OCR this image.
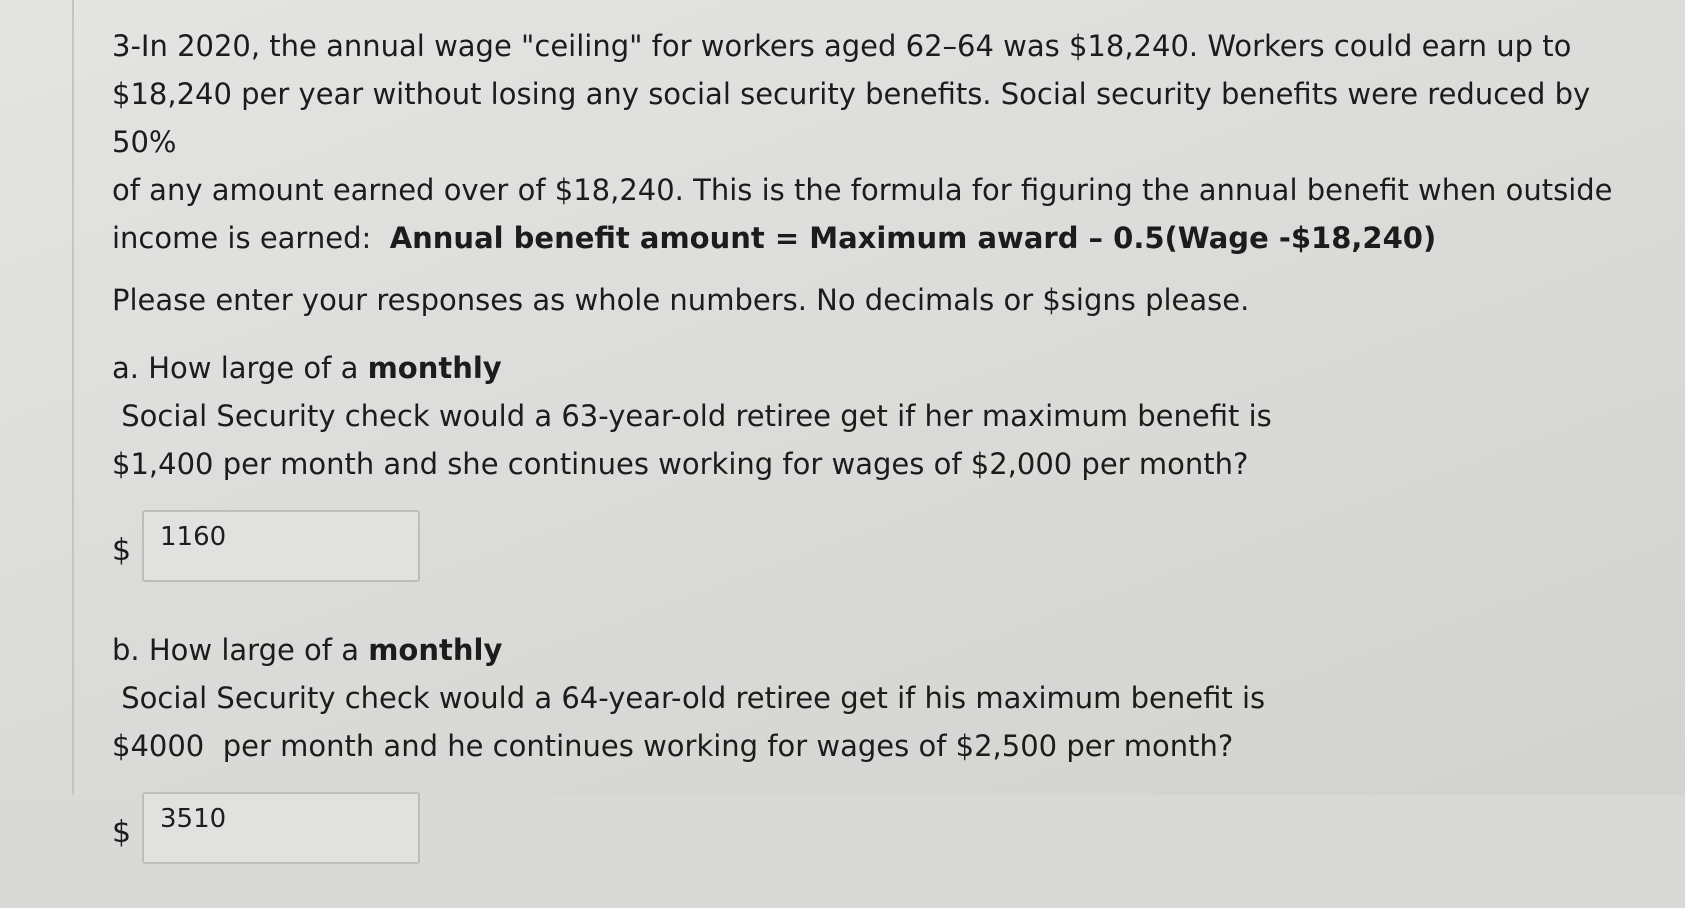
3-In 2020, the annual wage "ceiling" for workers aged 62–64 was $18,240. Workers could earn up to
$18,240 per year without losing any social security benefits. Social security benefits were reduced by 50%
of any amount earned over of $18,240. This is the formula for figuring the annual benefit when outside
income is earned:  Annual benefit amount = Maximum award – 0.5(Wage -$18,240)
Please enter your responses as whole numbers. No decimals or $signs please.
a. How large of a monthly Social Security check would a 63-year-old retiree get if her maximum benefit is
$1,400 per month and she continues working for wages of $2,000 per month?
$	1160
b. How large of a monthly Social Security check would a 64-year-old retiree get if his maximum benefit is
$4000  per month and he continues working for wages of $2,500 per month?
$	3510
